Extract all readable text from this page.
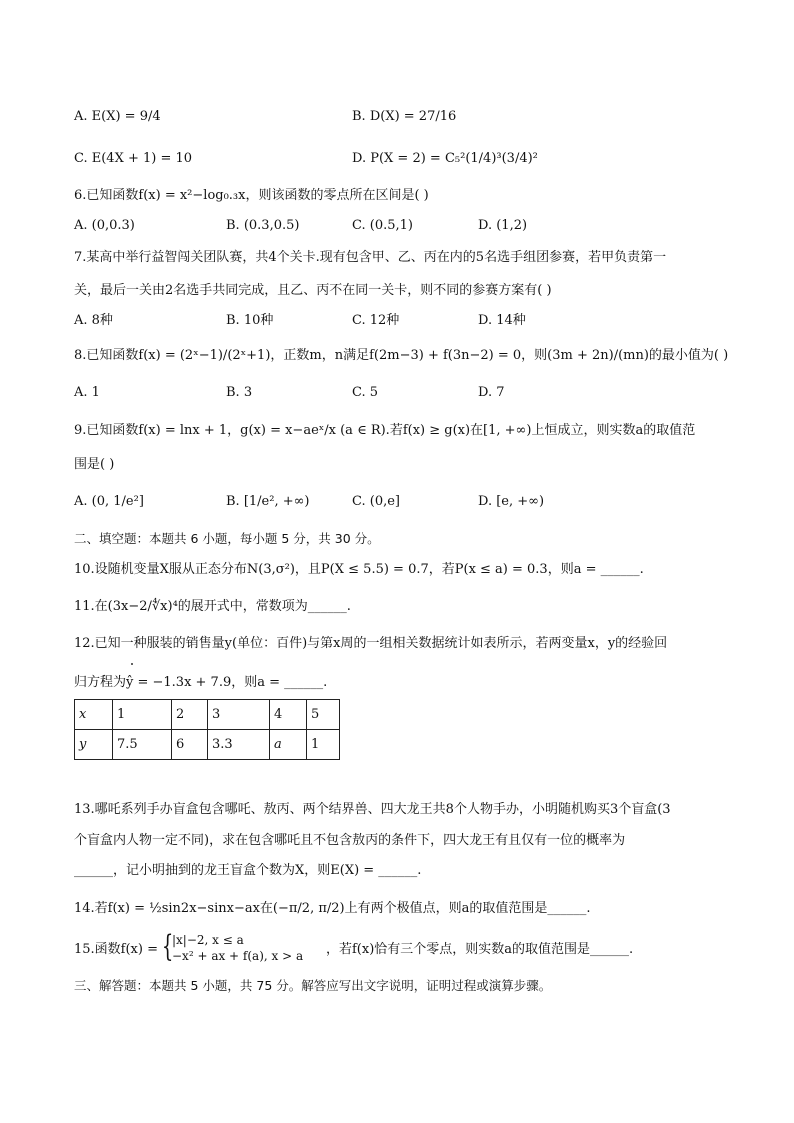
A. E(X) = 9/4	B. D(X) = 27/16
C. E(4X + 1) = 10	D. P(X = 2) = C₅²(1/4)³(3/4)²
6.已知函数f(x) = x²−log₀.₃x，则该函数的零点所在区间是( )
A. (0,0.3)	B. (0.3,0.5)	C. (0.5,1)	D. (1,2)
7.某高中举行益智闯关团队赛，共4个关卡.现有包含甲、乙、丙在内的5名选手组团参赛，若甲负责第一
关，最后一关由2名选手共同完成，且乙、丙不在同一关卡，则不同的参赛方案有( )
A. 8种	B. 10种	C. 12种	D. 14种
8.已知函数f(x) = (2ˣ−1)/(2ˣ+1)，正数m，n满足f(2m−3) + f(3n−2) = 0，则(3m + 2n)/(mn)的最小值为( )
A. 1	B. 3	C. 5	D. 7
9.已知函数f(x) = lnx + 1，g(x) = x−aeˣ/x (a ∈ R).若f(x) ≥ g(x)在[1, +∞)上恒成立，则实数a的取值范
围是( )
A. (0, 1/e²]	B. [1/e², +∞)	C. (0,e]	D. [e, +∞)
二、填空题：本题共 6 小题，每小题 5 分，共 30 分。
10.设随机变量X服从正态分布N(3,σ²)，且P(X ≤ 5.5) = 0.7，若P(x ≤ a) = 0.3，则a = ______.
11.在(3x−2/∜x)⁴的展开式中，常数项为______.
12.已知一种服装的销售量y(单位：百件)与第x周的一组相关数据统计如表所示，若两变量x，y的经验回
归方程为ŷ = −1.3x + 7.9，则a = ______.
x	1	2	3	4	5
y	7.5	6	3.3	a	1
13.哪吒系列手办盲盒包含哪吒、敖丙、两个结界兽、四大龙王共8个人物手办，小明随机购买3个盲盒(3
个盲盒内人物一定不同)，求在包含哪吒且不包含敖丙的条件下，四大龙王有且仅有一位的概率为
______，记小明抽到的龙王盲盒个数为X，则E(X) = ______.
14.若f(x) = ½sin2x−sinx−ax在(−π/2, π/2)上有两个极值点，则a的取值范围是______.
15.函数f(x) = {
|x|−2, x ≤ a
−x² + ax + f(a), x > a ，若f(x)恰有三个零点，则实数a的取值范围是______.
三、解答题：本题共 5 小题，共 75 分。解答应写出文字说明，证明过程或演算步骤。
